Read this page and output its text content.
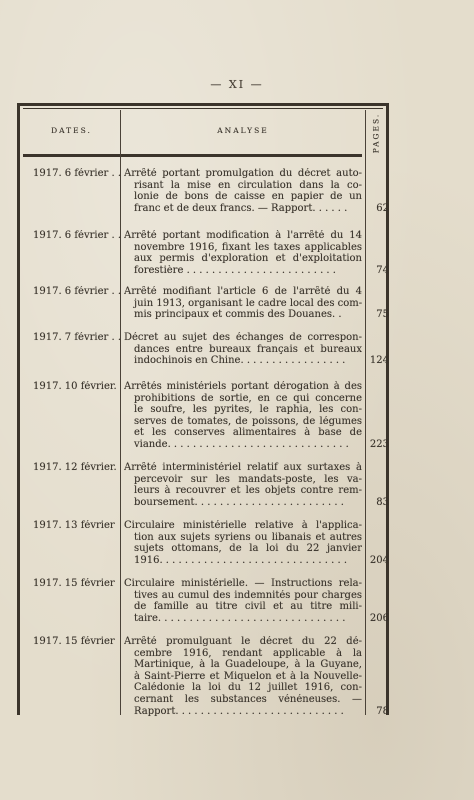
— XI —
DATES.	ANALYSE	PAGES.
1917. 6 février . . Arrêté portant promulgation du décret auto-
risant la mise en circulation dans la co-
lonie de bons de caisse en papier de un
franc et de deux francs. — Rapport. . . . . .	62
1917. 6 février . . Arrêté portant modification à l'arrêté du 14
novembre 1916, fixant les taxes applicables
aux permis d'exploration et d'exploitation
forestière . . . . . . . . . . . . . . . . . . . . . . . .	74
1917. 6 février . . Arrêté modifiant l'article 6 de l'arrêté du 4
juin 1913, organisant le cadre local des com-
mis principaux et commis des Douanes. .	75
1917. 7 février . . Décret au sujet des échanges de correspon-
dances entre bureaux français et bureaux
indochinois en Chine. . . . . . . . . . . . . . . . .	124
1917. 10 février. Arrêtés ministériels portant dérogation à des
prohibitions de sortie, en ce qui concerne
le soufre, les pyrites, le raphia, les con-
serves de tomates, de poissons, de légumes
et les conserves alimentaires à base de
viande. . . . . . . . . . . . . . . . . . . . . . . . . . . . .	223
1917. 12 février. Arrêté interministériel relatif aux surtaxes à
percevoir sur les mandats-poste, les va-
leurs à recouvrer et les objets contre rem-
boursement. . . . . . . . . . . . . . . . . . . . . . . .	83
1917. 13 février Circulaire ministérielle relative à l'applica-
tion aux sujets syriens ou libanais et autres
sujets ottomans, de la loi du 22 janvier
1916. . . . . . . . . . . . . . . . . . . . . . . . . . . . . .	204
1917. 15 février Circulaire ministérielle. — Instructions rela-
tives au cumul des indemnités pour charges
de famille au titre civil et au titre mili-
taire. . . . . . . . . . . . . . . . . . . . . . . . . . . . . .	206
1917. 15 février Arrêté promulguant le décret du 22 dé-
cembre 1916, rendant applicable à la
Martinique, à la Guadeloupe, à la Guyane,
à Saint-Pierre et Miquelon et à la Nouvelle-
Calédonie la loi du 12 juillet 1916, con-
cernant les substances vénéneuses. —
Rapport. . . . . . . . . . . . . . . . . . . . . . . . . . .	78
